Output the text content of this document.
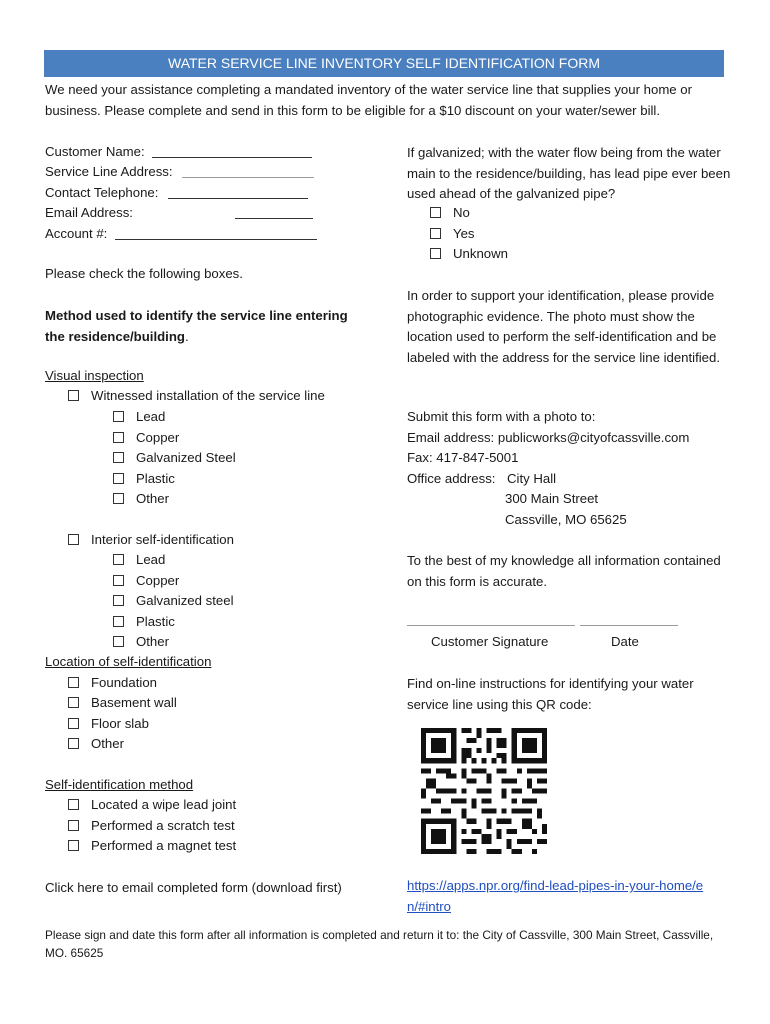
WATER SERVICE LINE INVENTORY SELF IDENTIFICATION FORM
We need your assistance completing a mandated inventory of the water service line that supplies your home or business. Please complete and send in this form to be eligible for a $10 discount on your water/sewer bill.
Customer Name:
Service Line Address:
Contact Telephone:
Email Address:
Account #:
Please check the following boxes.
Method used to identify the service line entering the residence/building.
Visual inspection
Witnessed installation of the service line
Lead
Copper
Galvanized Steel
Plastic
Other
Interior self-identification
Lead
Copper
Galvanized steel
Plastic
Other
Location of self-identification
Foundation
Basement wall
Floor slab
Other
Self-identification method
Located a wipe lead joint
Performed a scratch test
Performed a magnet test
Click here to email completed form (download first)
If galvanized; with the water flow being from the water main to the residence/building, has lead pipe ever been used ahead of the galvanized pipe?
No
Yes
Unknown
In order to support your identification, please provide photographic evidence. The photo must show the location used to perform the self-identification and be labeled with the address for the service line identified.
Submit this form with a photo to:
Email address: publicworks@cityofcassville.com
Fax: 417-847-5001
Office address: City Hall
300 Main Street
Cassville, MO 65625
To the best of my knowledge all information contained on this form is accurate.
Customer Signature	Date
Find on-line instructions for identifying your water service line using this QR code:
https://apps.npr.org/find-lead-pipes-in-your-home/en/#intro
Please sign and date this form after all information is completed and return it to: the City of Cassville, 300 Main Street, Cassville, MO. 65625
